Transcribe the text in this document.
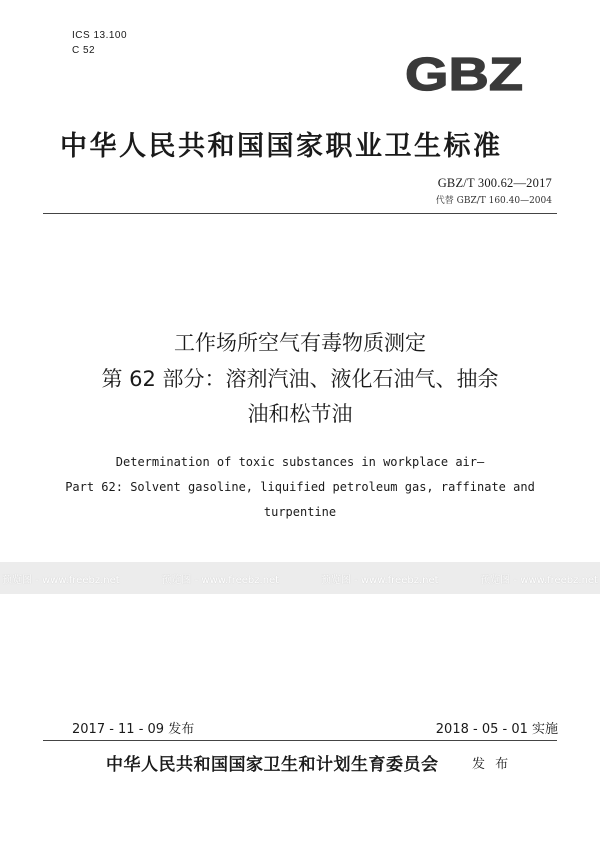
ICS 13.100
C 52	GBZ
中华人民共和国国家职业卫生标准
GBZ/T 300.62—2017
代替 GBZ/T 160.40—2004
工作场所空气有毒物质测定
第 62 部分：溶剂汽油、液化石油气、抽余
油和松节油
Determination of toxic substances in workplace air—
Part 62: Solvent gasoline, liquified petroleum gas, raffinate and
turpentine
预览图 - www.freebz.net	预览图 - www.freebz.net	预览图 - www.freebz.net	预览图 - www.freebz.net
2017 - 11 - 09 发布	2018 - 05 - 01 实施
中华人民共和国国家卫生和计划生育委员会	发 布
